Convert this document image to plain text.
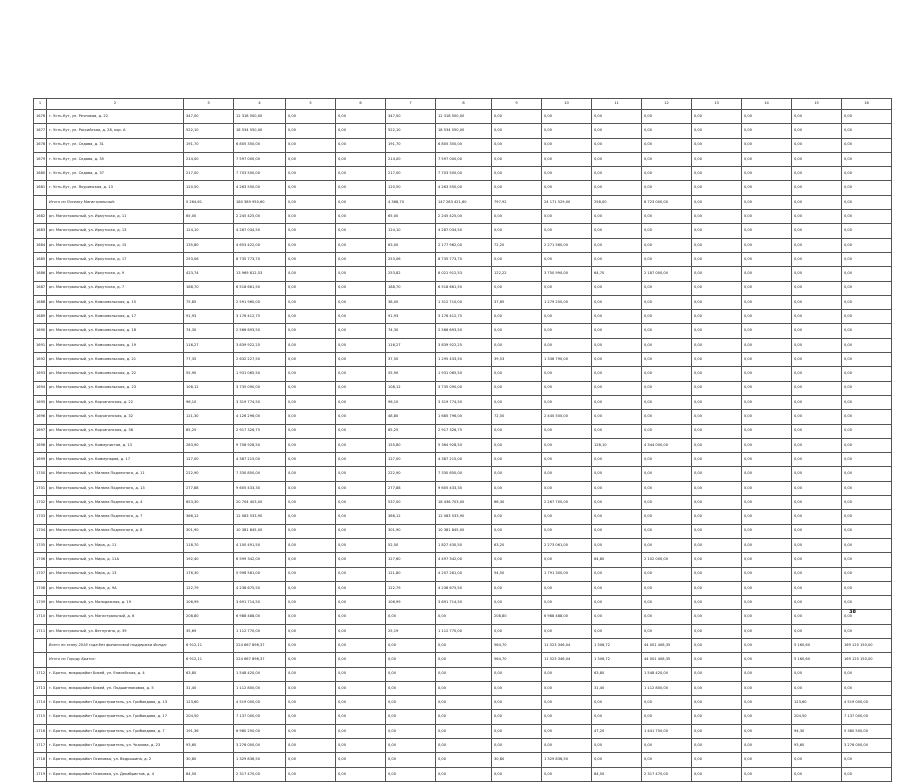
1	2	3	4	5	6	7	8	9	10	11	12	13	14	15	16
1676	г. Усть-Кут, ул. Речников, д. 22	347,00	12 318 500,00	0,00	0,00	347,00	12 318 500,00	0,00	0,00	0,00	0,00	0,00	0,00	0,00	0,00
1677	г. Усть-Кут, ул. Российская, д. 28, кор. А	522,10	18 534 550,00	0,00	0,00	522,10	18 534 550,00	0,00	0,00	0,00	0,00	0,00	0,00	0,00	0,00
1678	г. Усть-Кут, ул. Седова, д. 31	191,70	6 805 350,00	0,00	0,00	191,70	6 805 350,00	0,00	0,00	0,00	0,00	0,00	0,00	0,00	0,00
1679	г. Усть-Кут, ул. Седова, д. 35	214,00	7 597 000,00	0,00	0,00	214,00	7 597 000,00	0,00	0,00	0,00	0,00	0,00	0,00	0,00	0,00
1680	г. Усть-Кут, ул. Седова, д. 37	217,00	7 703 500,00	0,00	0,00	217,00	7 703 500,00	0,00	0,00	0,00	0,00	0,00	0,00	0,00	0,00
1681	г. Усть-Кут, ул. Якуримская, д. 13	120,50	4 263 550,00	0,00	0,00	120,50	4 263 550,00	0,00	0,00	0,00	0,00	0,00	0,00	0,00	0,00
	Итого по Поселку Магистральный:	5 264,61	180 389 950,60	0,00	0,00	4 368,70	147 283 421,60	797,92	24 171 529,00	258,00	8 723 000,00	0,00	0,00	0,00	0,00
1682	рп. Магистральный, ул. Иркутская, д. 11	65,00	2 245 425,00	0,00	0,00	65,00	2 245 425,00	0,00	0,00	0,00	0,00	0,00	0,00	0,00	0,00
1683	рп. Магистральный, ул. Иркутская, д. 13	124,10	4 287 034,50	0,00	0,00	124,10	4 287 034,50	0,00	0,00	0,00	0,00	0,00	0,00	0,00	0,00
1684	рп. Магистральный, ул. Иркутская, д. 15	135,80	4 653 422,00	0,00	0,00	63,00	2 177 962,00	72,20	2 271 560,00	0,00	0,00	0,00	0,00	0,00	0,00
1685	рп. Магистральный, ул. Иркутская, д. 17	253,06	8 735 773,70	0,00	0,00	253,06	8 735 773,70	0,00	0,00	0,00	0,00	0,00	0,00	0,00	0,00
1686	рп. Магистральный, ул. Иркутская, д. 9	423,74	13 969 812,53	0,00	0,00	253,82	8 021 912,53	122,22	3 750 990,00	64,70	2 187 000,00	0,00	0,00	0,00	0,00
1687	рп. Магистральный, ул. Иркутская, д. 7	188,70	6 518 661,50	0,00	0,00	188,70	6 518 661,50	0,00	0,00	0,00	0,00	0,00	0,00	0,00	0,00
1688	рп. Магистральный, ул. Комсомольская, д. 15	75,85	2 591 960,00	0,00	0,00	38,00	1 312 710,00	37,85	1 279 250,00	0,00	0,00	0,00	0,00	0,00	0,00
1689	рп. Магистральный, ул. Комсомольская, д. 17	91,93	3 176 412,75	0,00	0,00	91,93	3 176 412,75	0,00	0,00	0,00	0,00	0,00	0,00	0,00	0,00
1690	рп. Магистральный, ул. Комсомольская, д. 18	74,30	2 566 693,50	0,00	0,00	74,30	2 566 693,50	0,00	0,00	0,00	0,00	0,00	0,00	0,00	0,00
1691	рп. Магистральный, ул. Комсомольская, д. 19	116,27	3 839 922,25	0,00	0,00	116,27	3 839 922,25	0,00	0,00	0,00	0,00	0,00	0,00	0,00	0,00
1692	рп. Магистральный, ул. Комсомольская, д. 21	77,35	2 632 227,50	0,00	0,00	37,50	1 295 433,50	39,53	1 336 790,00	0,00	0,00	0,00	0,00	0,00	0,00
1693	рп. Магистральный, ул. Комсомольская, д. 22	55,90	1 931 065,50	0,00	0,00	55,90	1 931 065,50	0,00	0,00	0,00	0,00	0,00	0,00	0,00	0,00
1694	рп. Магистральный, ул. Комсомольская, д. 23	108,12	3 735 090,00	0,00	0,00	108,12	3 735 090,00	0,00	0,00	0,00	0,00	0,00	0,00	0,00	0,00
1695	рп. Магистральный, ул. Корчагинская, д. 22	96,10	3 319 774,50	0,00	0,00	96,10	3 319 774,50	0,00	0,00	0,00	0,00	0,00	0,00	0,00	0,00
1696	рп. Магистральный, ул. Корчагинская, д. 32	121,30	4 126 296,00	0,00	0,00	48,80	1 685 796,00	72,50	2 440 500,00	0,00	0,00	0,00	0,00	0,00	0,00
1697	рп. Магистральный, ул. Корчагинская, д. 36	85,25	2 917 326,75	0,00	0,00	85,25	2 917 326,75	0,00	0,00	0,00	0,00	0,00	0,00	0,00	0,00
1698	рп. Магистральный, ул. Коммунистов, д. 13	283,90	9 708 928,50	0,00	0,00	155,80	5 364 928,50	0,00	0,00	128,10	4 344 000,00	0,00	0,00	0,00	0,00
1699	рп. Магистральный, ул. Коммунаров, д. 17	127,00	4 387 215,00	0,00	0,00	127,00	4 387 215,00	0,00	0,00	0,00	0,00	0,00	0,00	0,00	0,00
1700	рп. Магистральный, ул. Милана Подлесного, д. 11	222,90	7 330 850,00	0,00	0,00	222,90	7 330 850,00	0,00	0,00	0,00	0,00	0,00	0,00	0,00	0,00
1701	рп. Магистральный, ул. Милана Подлесного, д. 13	277,88	9 605 433,30	0,00	0,00	277,88	9 605 433,30	0,00	0,00	0,00	0,00	0,00	0,00	0,00	0,00
1702	рп. Магистральный, ул. Милана Подлесного, д. 4	653,30	20 704 403,00	0,00	0,00	537,00	18 436 703,00	66,30	2 267 700,00	0,00	0,00	0,00	0,00	0,00	0,00
1703	рп. Магистральный, ул. Милана Подлесного, д. 7	366,12	12 083 533,90	0,00	0,00	366,12	12 083 533,90	0,00	0,00	0,00	0,00	0,00	0,00	0,00	0,00
1704	рп. Магистральный, ул. Милана Подлесного, д. 8	301,90	10 381 845,00	0,00	0,00	301,90	10 381 845,00	0,00	0,00	0,00	0,00	0,00	0,00	0,00	0,00
1705	рп. Магистральный, ул. Мира, д. 11	118,70	4 100 491,50	0,00	0,00	52,50	1 827 430,50	63,20	2 273 061,00	0,00	0,00	0,00	0,00	0,00	0,00
1706	рп. Магистральный, ул. Мира, д. 11А	192,40	6 599 342,00	0,00	0,00	127,60	4 497 342,00	0,00	0,00	64,80	2 102 000,00	0,00	0,00	0,00	0,00
1707	рп. Магистральный, ул. Мира, д. 13	176,30	5 998 581,00	0,00	0,00	121,80	4 207 281,00	54,50	1 791 300,00	0,00	0,00	0,00	0,00	0,00	0,00
1708	рп. Магистральный, ул. Мира, д. 9А	122,79	4 238 675,50	0,00	0,00	122,79	4 238 675,50	0,00	0,00	0,00	0,00	0,00	0,00	0,00	0,00
1709	рп. Магистральный, ул. Молодежная, д. 19	106,99	3 691 714,50	0,00	0,00	106,99	3 691 714,50	0,00	0,00	0,00	0,00	0,00	0,00	0,00	0,00
1710	рп. Магистральный, ул. Магистральный, д. 6	208,80	6 988 488,00	0,00	0,00	0,00	0,00	208,80	6 988 488,00	0,00	0,00	0,00	0,00	0,00	0,00
1711	рп. Магистральный, ул. Ветлугина, д. 39	35,69	1 112 770,00	0,00	0,00	25,19	1 112 770,00	0,00	0,00	0,00	0,00	0,00	0,00	0,00	0,00
	Всего по этапу 2016 года без финансовой поддержки Фонда:	6 912,11	224 667 896,37	0,00	0,00	0,00	0,00	564,70	11 523 346,04	1 306,72	44 001 408,35	0,00	0,00	5 160,60	169 125 150,00
	Итого по Городу Братск:	6 912,11	224 667 896,37	0,00	0,00	0,00	0,00	564,70	11 523 346,04	1 306,72	44 001 408,35	0,00	0,00	5 160,60	169 125 150,00
1712	г. Братск, микрорайон Бикей, ул. Енисейская, д. 4	63,80	1 548 420,00	0,00	0,00	0,00	0,00	0,00	0,00	63,80	1 548 420,00	0,00	0,00	0,00	0,00
1713	г. Братск, микрорайон Бикей, ул. Подшипниковая, д. 5	31,40	1 112 800,00	0,00	0,00	0,00	0,00	0,00	0,00	31,40	1 112 800,00	0,00	0,00	0,00	0,00
1714	г. Братск, микрорайон Гидростроитель, ул. Грибоедова, д. 13	123,60	4 519 000,00	0,00	0,00	0,00	0,00	0,00	0,00	0,00	0,00	0,00	0,00	123,60	4 519 000,00
1715	г. Братск, микрорайон Гидростроитель, ул. Грибоедова, д. 17	204,50	7 137 000,00	0,00	0,00	0,00	0,00	0,00	0,00	0,00	0,00	0,00	0,00	204,50	7 137 000,00
1716	г. Братск, микрорайон Гидростроитель, ул. Грибоедова, д. 7	191,36	6 980 250,00	0,00	0,00	0,00	0,00	0,00	0,00	47,20	1 441 750,00	0,00	0,00	94,30	5 380 500,00
1717	г. Братск, микрорайон Гидростроитель, ул. Чкалова, д. 23	93,60	3 276 000,00	0,00	0,00	0,00	0,00	0,00	0,00	0,00	0,00	0,00	0,00	93,60	3 276 000,00
1718	г. Братск, микрорайон Осиновка, ул. Ведрошина, д. 2	30,80	1 329 836,50	0,00	0,00	0,00	0,00	30,80	1 329 836,50	0,00	0,00	0,00	0,00	0,00	0,00
1719	г. Братск, микрорайон Осиновка, ул. Декабристов, д. 4	84,50	2 317 470,00	0,00	0,00	0,00	0,00	0,00	0,00	84,50	2 317 470,00	0,00	0,00	0,00	0,00
38
